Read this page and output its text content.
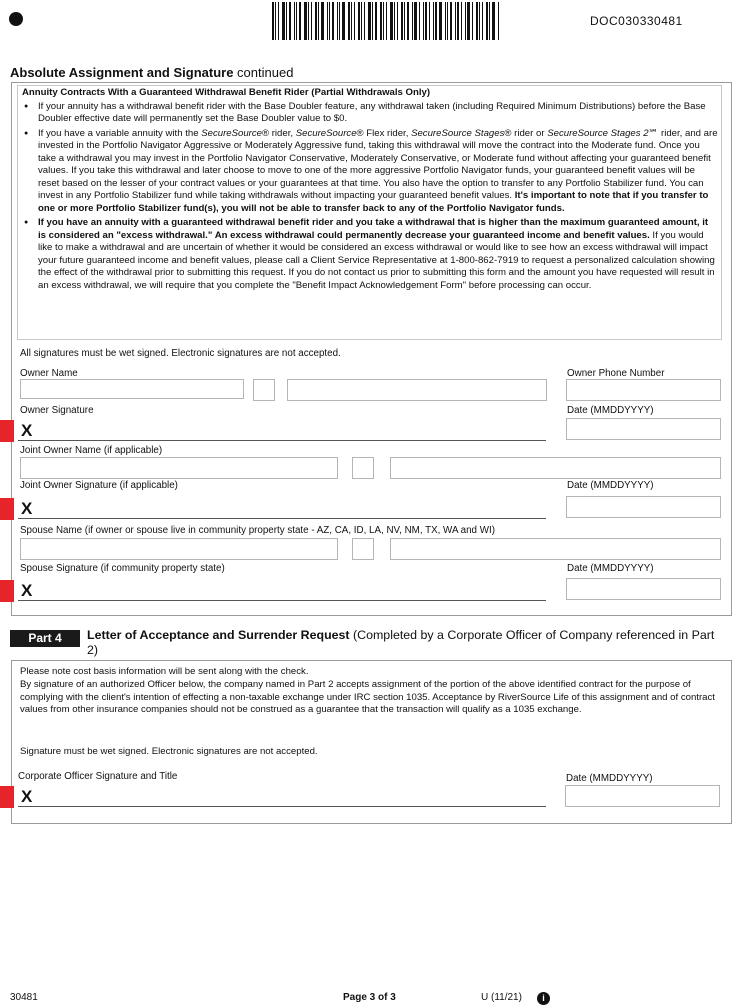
DOC030330481
Absolute Assignment and Signature continued
Annuity Contracts With a Guaranteed Withdrawal Benefit Rider (Partial Withdrawals Only)
● If your annuity has a withdrawal benefit rider with the Base Doubler feature, any withdrawal taken (including Required Minimum Distributions) before the Base Doubler effective date will permanently set the Base Doubler value to $0.
● If you have a variable annuity with the SecureSource® rider, SecureSource® Flex rider, SecureSource Stages® rider or SecureSource Stages 2℠ rider, and are invested in the Portfolio Navigator Aggressive or Moderately Aggressive fund, taking this withdrawal will move the contract into the Moderate fund. Once you take a withdrawal you may invest in the Portfolio Navigator Conservative, Moderately Conservative, or Moderate fund without affecting your guaranteed benefit values. If you take this withdrawal and later choose to move to one of the more aggressive Portfolio Navigator funds, your guaranteed benefit values will be reset based on the lesser of your contract values or your guarantees at that time. You also have the option to transfer to any Portfolio Stabilizer fund. You can invest in any Portfolio Stabilizer fund while taking withdrawals without impacting your guaranteed benefit values. It's important to note that if you transfer to one or more Portfolio Stabilizer fund(s), you will not be able to transfer back to any of the Portfolio Navigator funds.
● If you have an annuity with a guaranteed withdrawal benefit rider and you take a withdrawal that is higher than the maximum guaranteed amount, it is considered an "excess withdrawal." An excess withdrawal could permanently decrease your guaranteed income and benefit values. If you would like to make a withdrawal and are uncertain of whether it would be considered an excess withdrawal or would like to see how an excess withdrawal will impact your future guaranteed income and benefit values, please call a Client Service Representative at 1-800-862-7919 to request a personalized calculation showing the effect of the withdrawal prior to submitting this request. If you do not contact us prior to submitting this form and the amount you have requested will result in an excess withdrawal, we will require that you complete the "Benefit Impact Acknowledgement Form" before processing can occur.
All signatures must be wet signed. Electronic signatures are not accepted.
Owner Name	Owner Phone Number
Owner Signature	Date (MMDDYYYY)
X
Joint Owner Name (if applicable)
Joint Owner Signature (if applicable)	Date (MMDDYYYY)
X
Spouse Name (if owner or spouse live in community property state - AZ, CA, ID, LA, NV, NM, TX, WA and WI)
Spouse Signature (if community property state)	Date (MMDDYYYY)
X
Part 4	Letter of Acceptance and Surrender Request (Completed by a Corporate Officer of Company referenced in Part 2)
Please note cost basis information will be sent along with the check.
By signature of an authorized Officer below, the company named in Part 2 accepts assignment of the portion of the above identified contract for the purpose of complying with the client's intention of effecting a non-taxable exchange under IRC section 1035. Acceptance by RiverSource Life of this assignment and of contract values from other insurance companies should not be construed as a guarantee that the transaction will qualify as a 1035 exchange.
Signature must be wet signed. Electronic signatures are not accepted.
Corporate Officer Signature and Title	Date (MMDDYYYY)
X
30481	Page 3 of 3	U (11/21)	i
